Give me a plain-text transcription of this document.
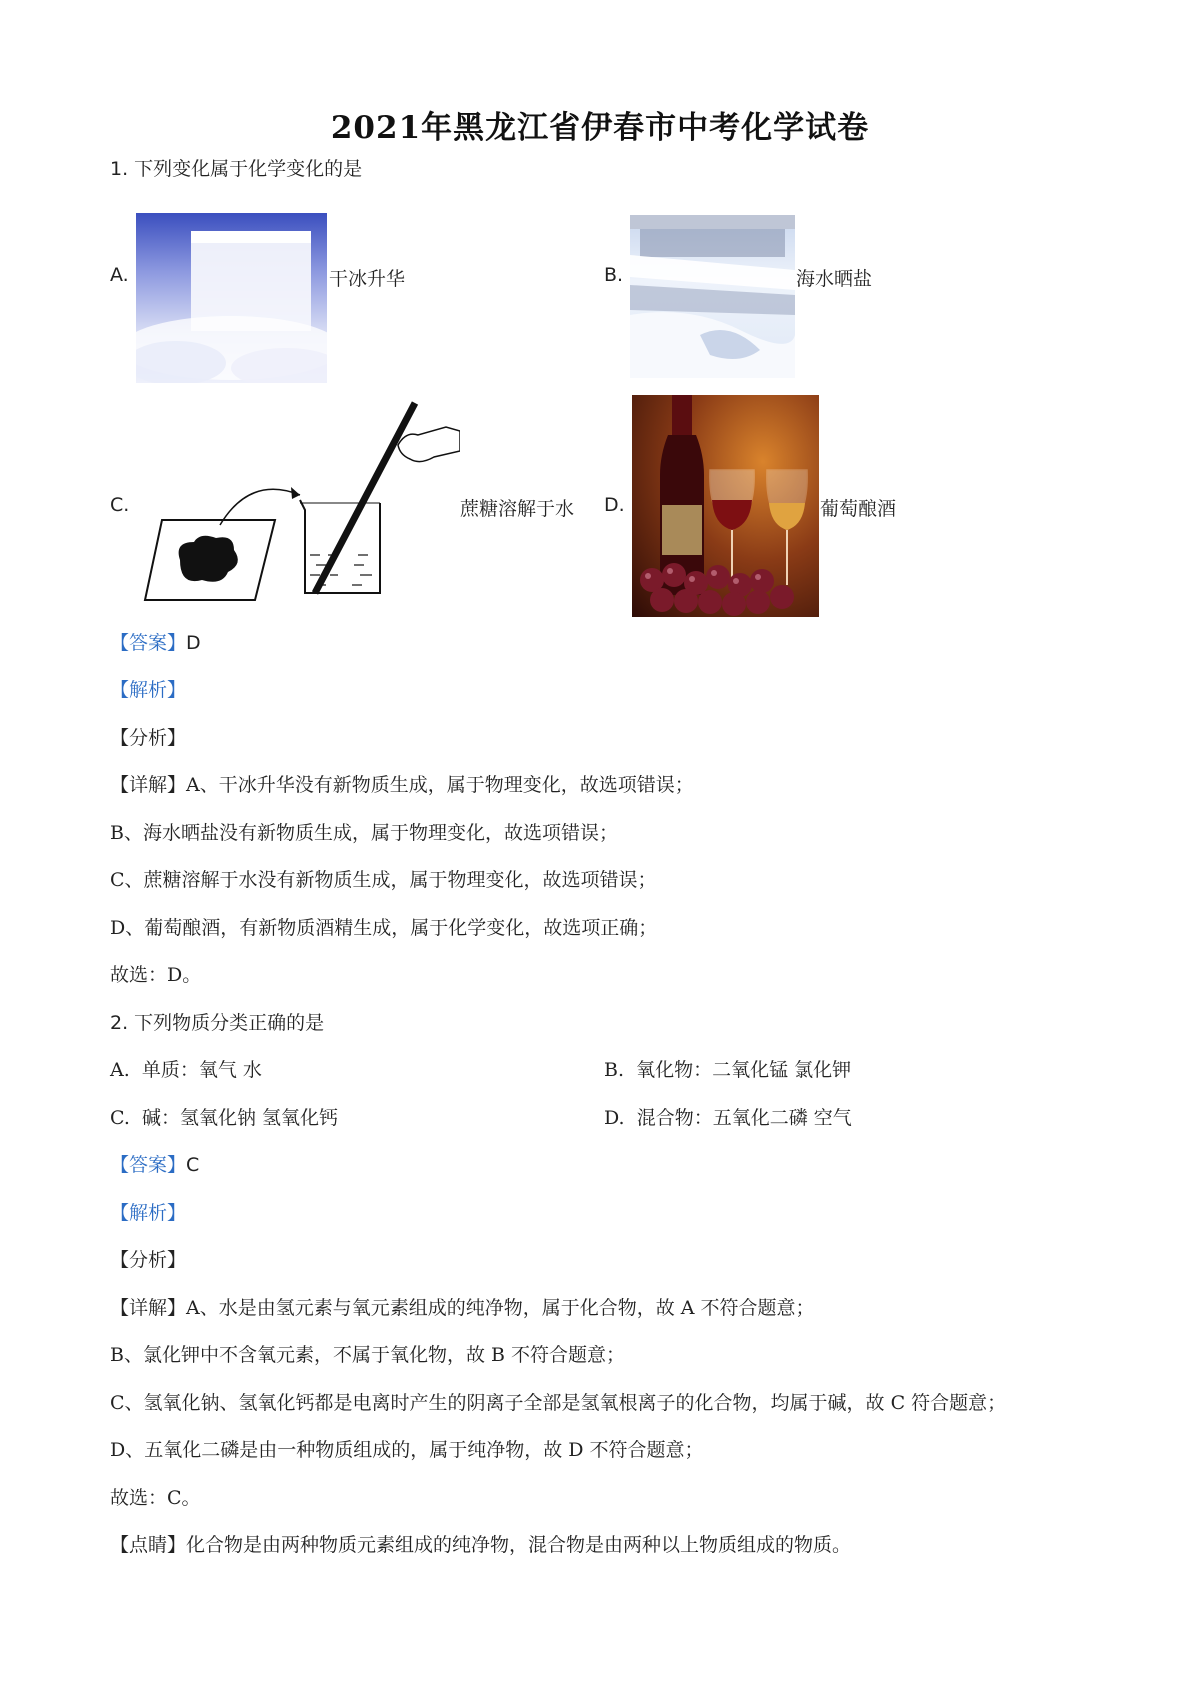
2021年黑龙江省伊春市中考化学试卷
1. 下列变化属于化学变化的是
A.	干冰升华	B.	海水晒盐
C.	蔗糖溶解于水 D.	葡萄酿酒
【答案】D
【解析】
【分析】
【详解】A、干冰升华没有新物质生成，属于物理变化，故选项错误；
B、海水晒盐没有新物质生成，属于物理变化，故选项错误；
C、蔗糖溶解于水没有新物质生成，属于物理变化，故选项错误；
D、葡萄酿酒，有新物质酒精生成，属于化学变化，故选项正确；
故选：D。
2. 下列物质分类正确的是
A. 单质：氧气 水	B. 氧化物：二氧化锰 氯化钾
C. 碱：氢氧化钠 氢氧化钙	D. 混合物：五氧化二磷 空气
【答案】C
【解析】
【分析】
【详解】A、水是由氢元素与氧元素组成的纯净物，属于化合物，故 A 不符合题意；
B、氯化钾中不含氧元素，不属于氧化物，故 B 不符合题意；
C、氢氧化钠、氢氧化钙都是电离时产生的阴离子全部是氢氧根离子的化合物，均属于碱，故 C 符合题意；
D、五氧化二磷是由一种物质组成的，属于纯净物，故 D 不符合题意；
故选：C。
【点睛】化合物是由两种物质元素组成的纯净物，混合物是由两种以上物质组成的物质。
